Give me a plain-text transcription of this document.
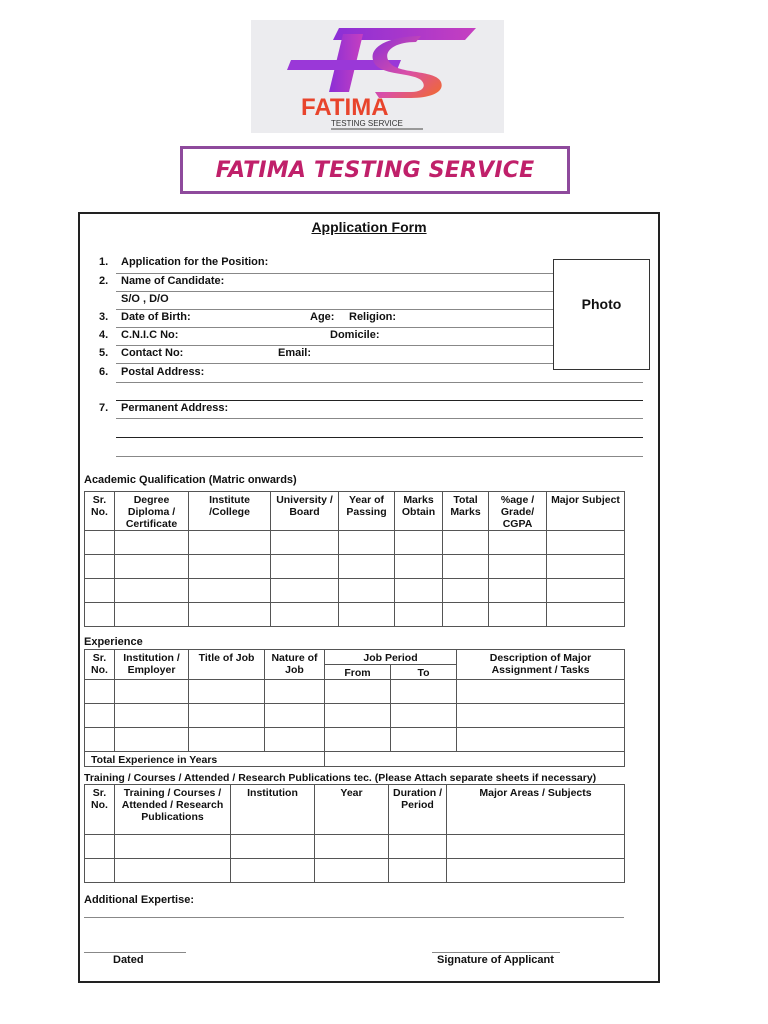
FATIMA
TESTING SERVICE
FATIMA TESTING SERVICE
Application Form
Photo
1. Application for the Position:
2. Name of Candidate:
S/O , D/O
3. Date of Birth:	Age: Religion:
4. C.N.I.C No:	Domicile:
5. Contact No:	Email:
6. Postal Address:
7. Permanent Address:
Academic Qualification (Matric onwards)
Sr. No.	Degree Diploma / Certificate	Institute /College	University / Board	Year of Passing	Marks Obtain	Total Marks	%age / Grade/ CGPA	Major Subject

Experience
Sr. No.	Institution / Employer	Title of Job	Nature of Job	Job Period		Description of Major Assignment / Tasks
				From	To	

Total Experience in Years						
Training / Courses / Attended / Research Publications tec. (Please Attach separate sheets if necessary)
Sr. No.	Training / Courses / Attended / Research Publications	Institution	Year	Duration / Period	Major Areas / Subjects

Additional Expertise:
Dated	Signature of Applicant
